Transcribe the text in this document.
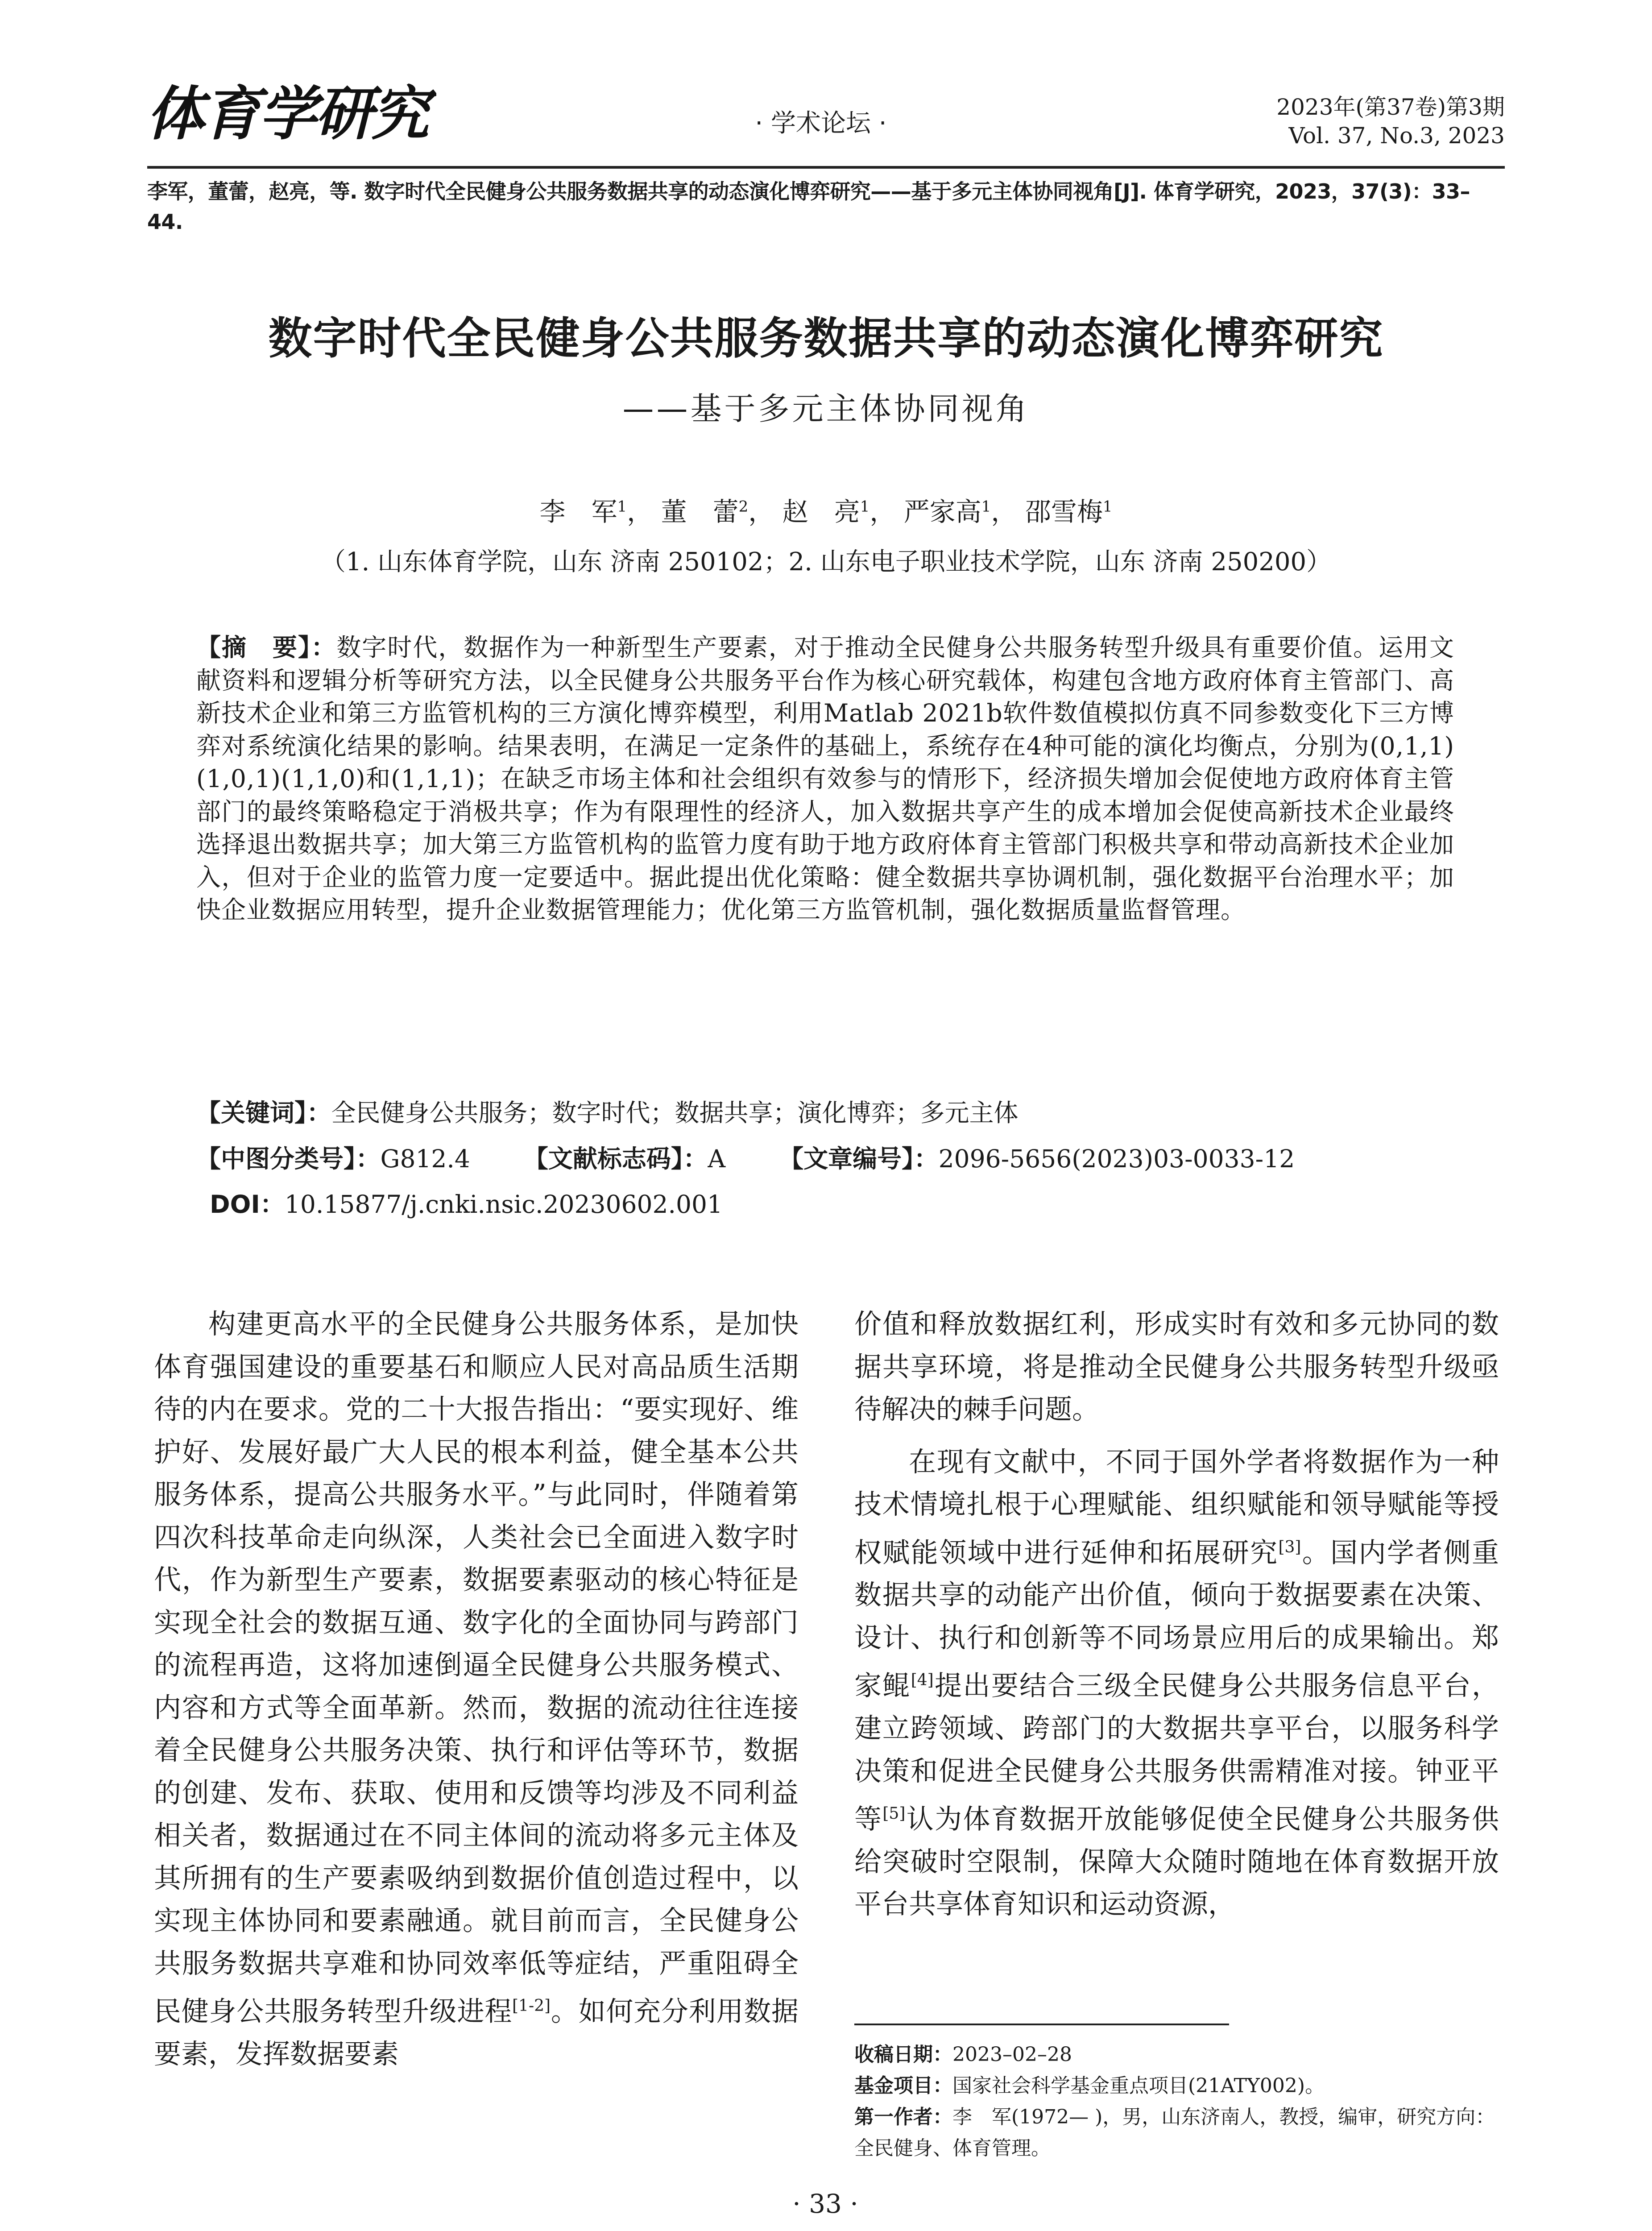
体育学研究	· 学术论坛 ·
2023年(第37卷)第3期
Vol. 37, No.3, 2023
李军，董蕾，赵亮，等. 数字时代全民健身公共服务数据共享的动态演化博弈研究——基于多元主体协同视角[J]. 体育学研究，2023，37(3)：33–44.
数字时代全民健身公共服务数据共享的动态演化博弈研究
——基于多元主体协同视角
李　军$^1$， 董　蕾$^2$， 赵　亮$^1$， 严家高$^1$， 邵雪梅$^1$
（1. 山东体育学院，山东 济南 250102；2. 山东电子职业技术学院，山东 济南 250200）
【摘　要】：数字时代，数据作为一种新型生产要素，对于推动全民健身公共服务转型升级具有重要价值。运用文献资料和逻辑分析等研究方法，以全民健身公共服务平台作为核心研究载体，构建包含地方政府体育主管部门、高新技术企业和第三方监管机构的三方演化博弈模型，利用Matlab 2021b软件数值模拟仿真不同参数变化下三方博弈对系统演化结果的影响。结果表明，在满足一定条件的基础上，系统存在4种可能的演化均衡点，分别为(0,1,1)(1,0,1)(1,1,0)和(1,1,1)；在缺乏市场主体和社会组织有效参与的情形下，经济损失增加会促使地方政府体育主管部门的最终策略稳定于消极共享；作为有限理性的经济人，加入数据共享产生的成本增加会促使高新技术企业最终选择退出数据共享；加大第三方监管机构的监管力度有助于地方政府体育主管部门积极共享和带动高新技术企业加入，但对于企业的监管力度一定要适中。据此提出优化策略：健全数据共享协调机制，强化数据平台治理水平；加快企业数据应用转型，提升企业数据管理能力；优化第三方监管机制，强化数据质量监督管理。
【关键词】：全民健身公共服务；数字时代；数据共享；演化博弈；多元主体
【中图分类号】：G812.4 【文献标志码】：A 【文章编号】：2096-5656(2023)03-0033-12
DOI：10.15877/j.cnki.nsic.20230602.001

构建更高水平的全民健身公共服务体系，是加快体育强国建设的重要基石和顺应人民对高品质生活期待的内在要求。党的二十大报告指出：“要实现好、维护好、发展好最广大人民的根本利益，健全基本公共服务体系，提高公共服务水平。”与此同时，伴随着第四次科技革命走向纵深，人类社会已全面进入数字时代，作为新型生产要素，数据要素驱动的核心特征是实现全社会的数据互通、数字化的全面协同与跨部门的流程再造，这将加速倒逼全民健身公共服务模式、内容和方式等全面革新。然而，数据的流动往往连接着全民健身公共服务决策、执行和评估等环节，数据的创建、发布、获取、使用和反馈等均涉及不同利益相关者，数据通过在不同主体间的流动将多元主体及其所拥有的生产要素吸纳到数据价值创造过程中，以实现主体协同和要素融通。就目前而言，全民健身公共服务数据共享难和协同效率低等症结，严重阻碍全民健身公共服务转型升级进程[1-2]。如何充分利用数据要素，发挥数据要素

价值和释放数据红利，形成实时有效和多元协同的数据共享环境，将是推动全民健身公共服务转型升级亟待解决的棘手问题。

在现有文献中，不同于国外学者将数据作为一种技术情境扎根于心理赋能、组织赋能和领导赋能等授权赋能领域中进行延伸和拓展研究[3]。国内学者侧重数据共享的动能产出价值，倾向于数据要素在决策、设计、执行和创新等不同场景应用后的成果输出。郑家鲲[4]提出要结合三级全民健身公共服务信息平台，建立跨领域、跨部门的大数据共享平台，以服务科学决策和促进全民健身公共服务供需精准对接。钟亚平等[5]认为体育数据开放能够促使全民健身公共服务供给突破时空限制，保障大众随时随地在体育数据开放平台共享体育知识和运动资源，

收稿日期：2023–02–28
基金项目：国家社会科学基金重点项目(21ATY002)。
第一作者：李　军(1972— )，男，山东济南人，教授，编审，研究方向：全民健身、体育管理。
· 33 ·
